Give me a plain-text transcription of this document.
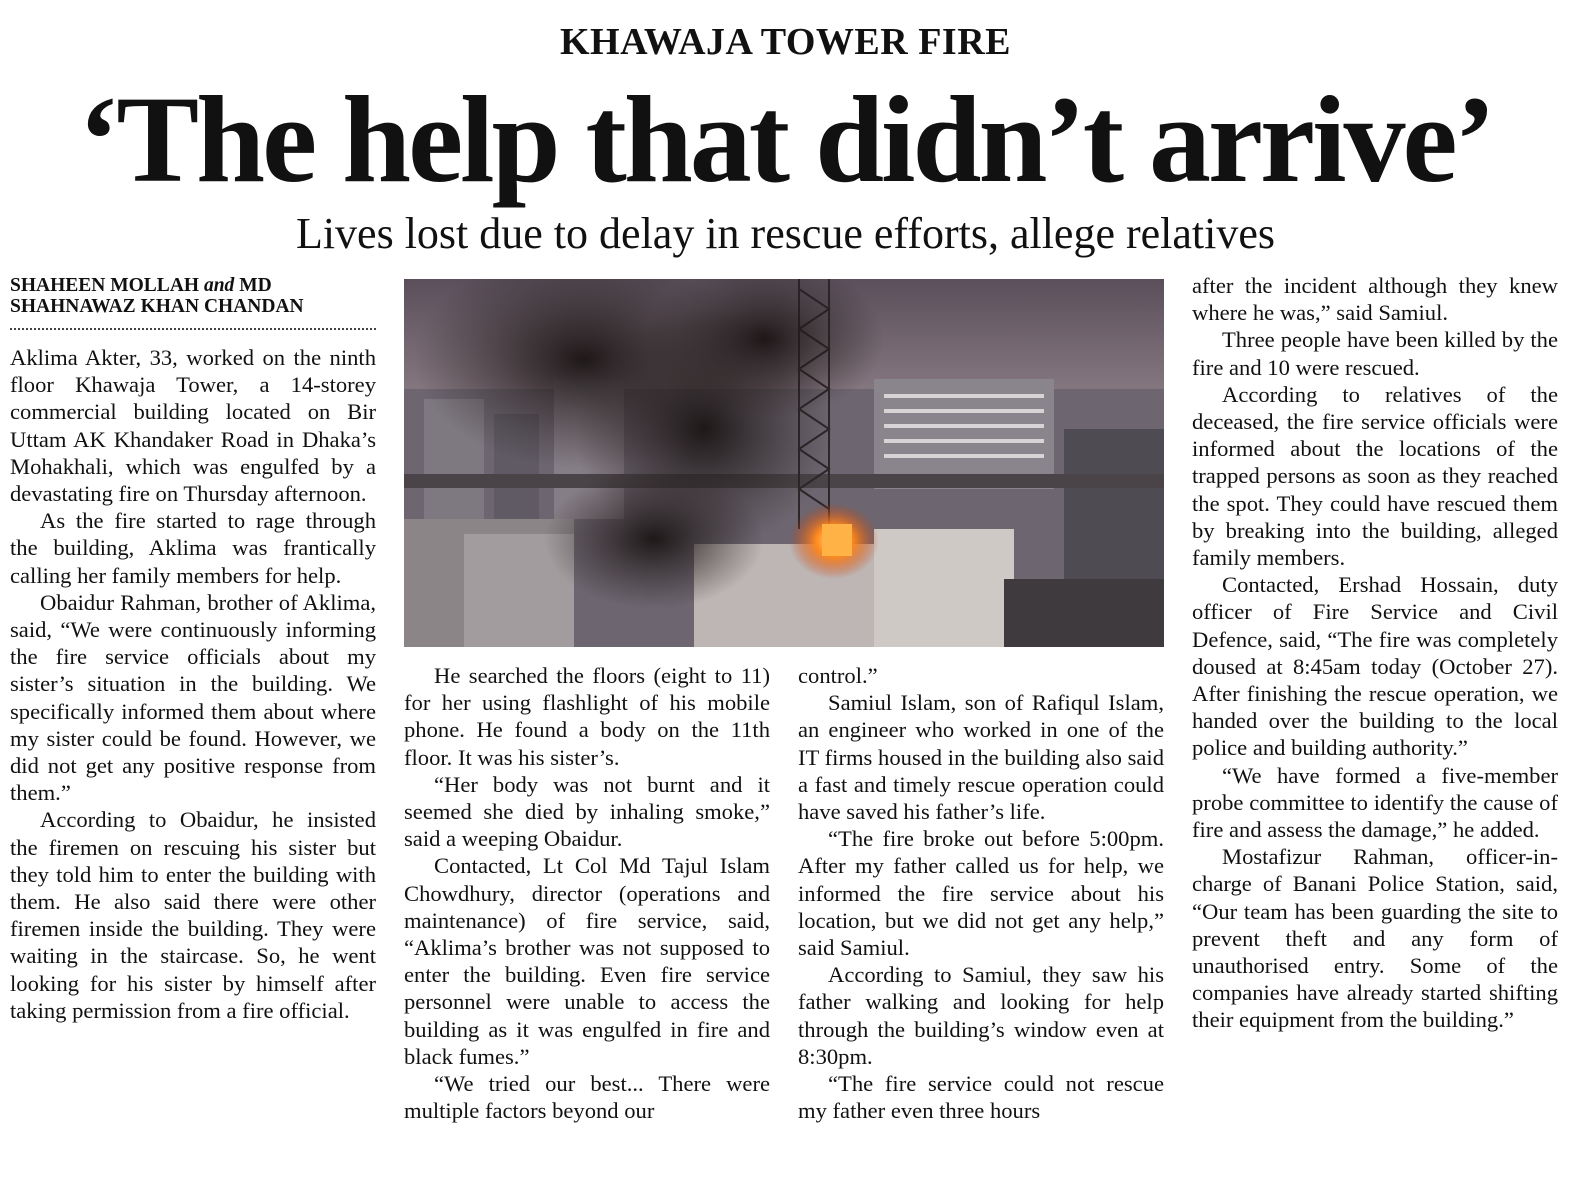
KHAWAJA TOWER FIRE
‘The help that didn’t arrive’
Lives lost due to delay in rescue efforts, allege relatives
SHAHEEN MOLLAH and MD SHAHNAWAZ KHAN CHANDAN

Aklima Akter, 33, worked on the ninth floor Khawaja Tower, a 14-storey commercial building located on Bir Uttam AK Khandaker Road in Dhaka’s Mohakhali, which was engulfed by a devastating fire on Thursday afternoon.

As the fire started to rage through the building, Aklima was frantically calling her family members for help.

Obaidur Rahman, brother of Aklima, said, “We were continuously informing the fire service officials about my sister’s situation in the building. We specifically informed them about where my sister could be found. However, we did not get any positive response from them.”

According to Obaidur, he insisted the firemen on rescuing his sister but they told him to enter the building with them. He also said there were other firemen inside the building. They were waiting in the staircase. So, he went looking for his sister by himself after taking permission from a fire official.

He searched the floors (eight to 11) for her using flashlight of his mobile phone. He found a body on the 11th floor. It was his sister’s.

“Her body was not burnt and it seemed she died by inhaling smoke,” said a weeping Obaidur.

Contacted, Lt Col Md Tajul Islam Chowdhury, director (operations and maintenance) of fire service, said, “Aklima’s brother was not supposed to enter the building. Even fire service personnel were unable to access the building as it was engulfed in fire and black fumes.”

“We tried our best... There were multiple factors beyond our

control.”

Samiul Islam, son of Rafiqul Islam, an engineer who worked in one of the IT firms housed in the building also said a fast and timely rescue operation could have saved his father’s life.

“The fire broke out before 5:00pm. After my father called us for help, we informed the fire service about his location, but we did not get any help,” said Samiul.

According to Samiul, they saw his father walking and looking for help through the building’s window even at 8:30pm.

“The fire service could not rescue my father even three hours

after the incident although they knew where he was,” said Samiul.

Three people have been killed by the fire and 10 were rescued.

According to relatives of the deceased, the fire service officials were informed about the locations of the trapped persons as soon as they reached the spot. They could have rescued them by breaking into the building, alleged family members.

Contacted, Ershad Hossain, duty officer of Fire Service and Civil Defence, said, “The fire was completely doused at 8:45am today (October 27). After finishing the rescue operation, we handed over the building to the local police and building authority.”

“We have formed a five-member probe committee to identify the cause of fire and assess the damage,” he added.

Mostafizur Rahman, officer-in-charge of Banani Police Station, said, “Our team has been guarding the site to prevent theft and any form of unauthorised entry. Some of the companies have already started shifting their equipment from the building.”
